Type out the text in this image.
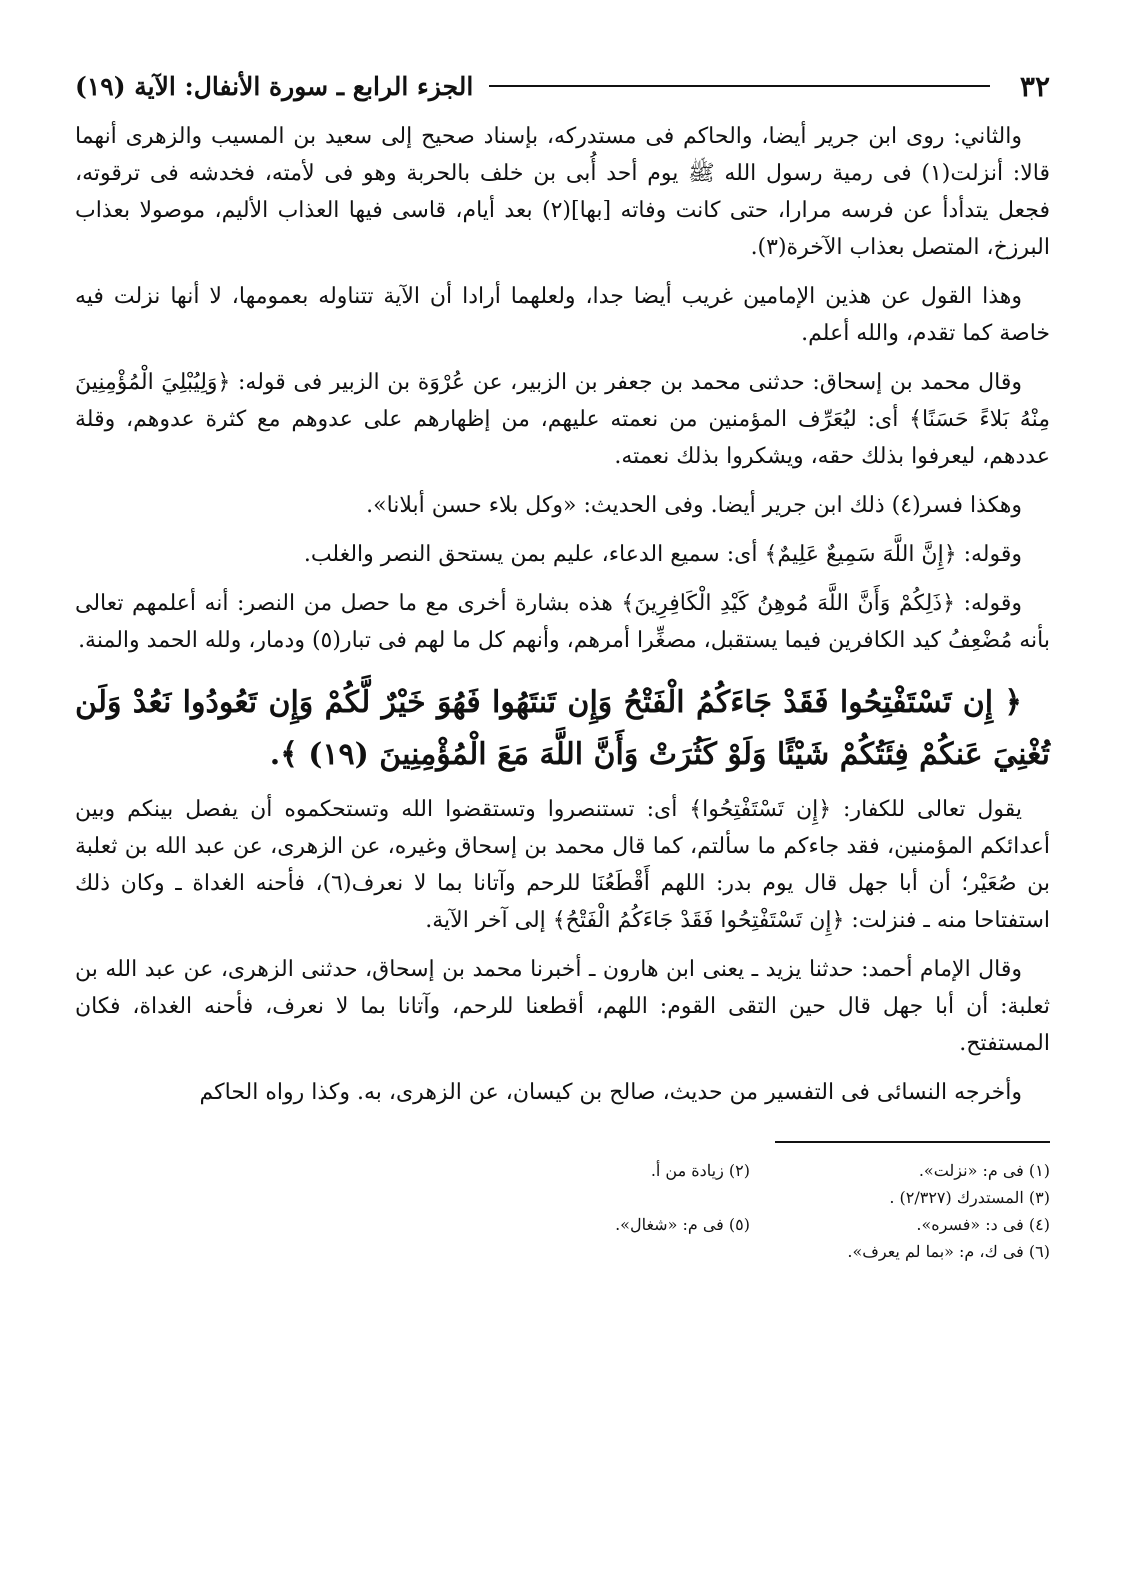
٣٢
الجزء الرابع ـ سورة الأنفال: الآية (١٩)

والثاني: روى ابن جرير أيضا، والحاكم فى مستدركه، بإسناد صحيح إلى سعيد بن المسيب والزهرى أنهما قالا: أنزلت(١) فى رمية رسول الله ﷺ يوم أحد أُبى بن خلف بالحربة وهو فى لأمته، فخدشه فى ترقوته، فجعل يتدأدأ عن فرسه مرارا، حتى كانت وفاته [بها](٢) بعد أيام، قاسى فيها العذاب الأليم، موصولا بعذاب البرزخ، المتصل بعذاب الآخرة(٣).

وهذا القول عن هذين الإمامين غريب أيضا جدا، ولعلهما أرادا أن الآية تتناوله بعمومها، لا أنها نزلت فيه خاصة كما تقدم، والله أعلم.

وقال محمد بن إسحاق: حدثنى محمد بن جعفر بن الزبير، عن عُرْوَة بن الزبير فى قوله: ﴿وَلِيُبْلِيَ الْمُؤْمِنِينَ مِنْهُ بَلاءً حَسَنًا﴾ أى: ليُعَرِّف المؤمنين من نعمته عليهم، من إظهارهم على عدوهم مع كثرة عدوهم، وقلة عددهم، ليعرفوا بذلك حقه، ويشكروا بذلك نعمته.

وهكذا فسر(٤) ذلك ابن جرير أيضا. وفى الحديث: «وكل بلاء حسن أبلانا».

وقوله: ﴿إِنَّ اللَّهَ سَمِيعٌ عَلِيمٌ﴾ أى: سميع الدعاء، عليم بمن يستحق النصر والغلب.

وقوله: ﴿ذَلِكُمْ وَأَنَّ اللَّهَ مُوهِنُ كَيْدِ الْكَافِرِينَ﴾ هذه بشارة أخرى مع ما حصل من النصر: أنه أعلمهم تعالى بأنه مُضْعِفُ كيد الكافرين فيما يستقبل، مصغِّرا أمرهم، وأنهم كل ما لهم فى تبار(٥) ودمار، ولله الحمد والمنة.

﴿ إِن تَسْتَفْتِحُوا فَقَدْ جَاءَكُمُ الْفَتْحُ وَإِن تَنتَهُوا فَهُوَ خَيْرٌ لَّكُمْ وَإِن تَعُودُوا نَعُدْ وَلَن تُغْنِيَ عَنكُمْ فِئَتُكُمْ شَيْئًا وَلَوْ كَثُرَتْ وَأَنَّ اللَّهَ مَعَ الْمُؤْمِنِينَ (١٩) ﴾.

يقول تعالى للكفار: ﴿إِن تَسْتَفْتِحُوا﴾ أى: تستنصروا وتستقضوا الله وتستحكموه أن يفصل بينكم وبين أعدائكم المؤمنين، فقد جاءكم ما سألتم، كما قال محمد بن إسحاق وغيره، عن الزهرى، عن عبد الله بن ثعلبة بن صُعَيْر؛ أن أبا جهل قال يوم بدر: اللهم أَقْطَعُنَا للرحم وآتانا بما لا نعرف(٦)، فأحنه الغداة ـ وكان ذلك استفتاحا منه ـ فنزلت: ﴿إِن تَسْتَفْتِحُوا فَقَدْ جَاءَكُمُ الْفَتْحُ﴾ إلى آخر الآية.

وقال الإمام أحمد: حدثنا يزيد ـ يعنى ابن هارون ـ أخبرنا محمد بن إسحاق، حدثنى الزهرى، عن عبد الله بن ثعلبة: أن أبا جهل قال حين التقى القوم: اللهم، أقطعنا للرحم، وآتانا بما لا نعرف، فأحنه الغداة، فكان المستفتح.

وأخرجه النسائى فى التفسير من حديث، صالح بن كيسان، عن الزهرى، به. وكذا رواه الحاكم

(١) فى م: «نزلت».
(٢) زيادة من أ.
(٣) المستدرك (٢/٣٢٧) .
(٤) فى د: «فسره».
(٥) فى م: «شغال».
(٦) فى ك، م: «بما لم يعرف».
